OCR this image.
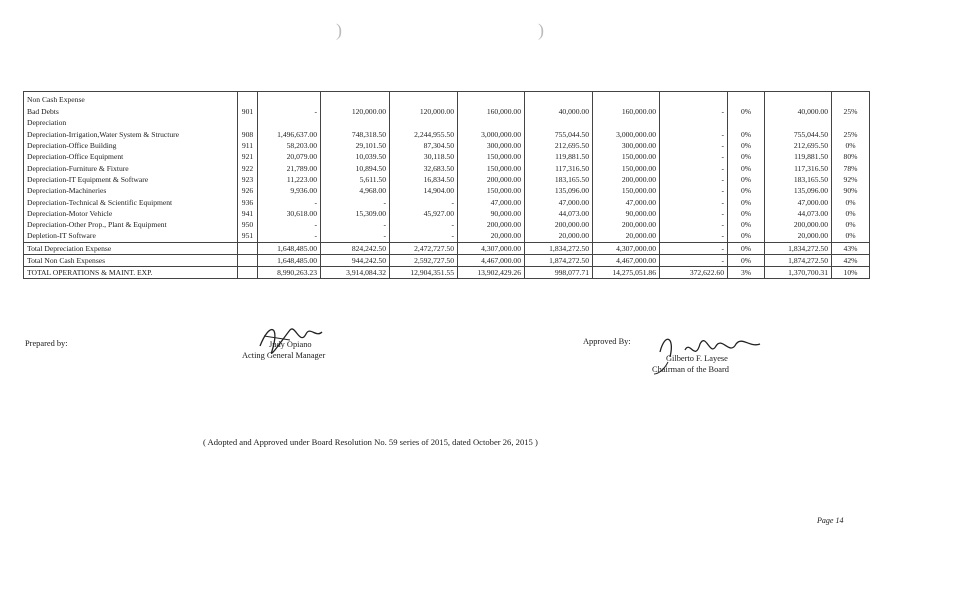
)	)
Non Cash Expense											
Bad Debts	901	-	120,000.00	120,000.00	160,000.00	40,000.00	160,000.00	-	0%	40,000.00	25%
Depreciation											
Depreciation-Irrigation,Water System & Structure	908	1,496,637.00	748,318.50	2,244,955.50	3,000,000.00	755,044.50	3,000,000.00	-	0%	755,044.50	25%
Depreciation-Office Building	911	58,203.00	29,101.50	87,304.50	300,000.00	212,695.50	300,000.00	-	0%	212,695.50	0%
Depreciation-Office Equipment	921	20,079.00	10,039.50	30,118.50	150,000.00	119,881.50	150,000.00	-	0%	119,881.50	80%
Depreciation-Furniture & Fixture	922	21,789.00	10,894.50	32,683.50	150,000.00	117,316.50	150,000.00	-	0%	117,316.50	78%
Depreciation-IT Equipment & Software	923	11,223.00	5,611.50	16,834.50	200,000.00	183,165.50	200,000.00	-	0%	183,165.50	92%
Depreciation-Machineries	926	9,936.00	4,968.00	14,904.00	150,000.00	135,096.00	150,000.00	-	0%	135,096.00	90%
Depreciation-Technical & Scientific Equipment	936	-	-	-	47,000.00	47,000.00	47,000.00	-	0%	47,000.00	0%
Depreciation-Motor Vehicle	941	30,618.00	15,309.00	45,927.00	90,000.00	44,073.00	90,000.00	-	0%	44,073.00	0%
Depreciation-Other Prop., Plant & Equipment	950	-	-	-	200,000.00	200,000.00	200,000.00	-	0%	200,000.00	0%
Depletion-IT Software	951	-	-	-	20,000.00	20,000.00	20,000.00	-	0%	20,000.00	0%
Total Depreciation Expense		1,648,485.00	824,242.50	2,472,727.50	4,307,000.00	1,834,272.50	4,307,000.00	-	0%	1,834,272.50	43%
Total Non Cash Expenses		1,648,485.00	944,242.50	2,592,727.50	4,467,000.00	1,874,272.50	4,467,000.00	-	0%	1,874,272.50	42%
TOTAL OPERATIONS & MAINT. EXP.		8,990,263.23	3,914,084.32	12,904,351.55	13,902,429.26	998,077.71	14,275,051.86	372,622.60	3%	1,370,700.31	10%
Prepared by:	Judy Opiano
Acting General Manager
Approved By:
Gilberto F. Layese
Chairman of the Board
( Adopted and Approved under Board Resolution No. 59 series of 2015, dated October 26, 2015 )
Page 14
